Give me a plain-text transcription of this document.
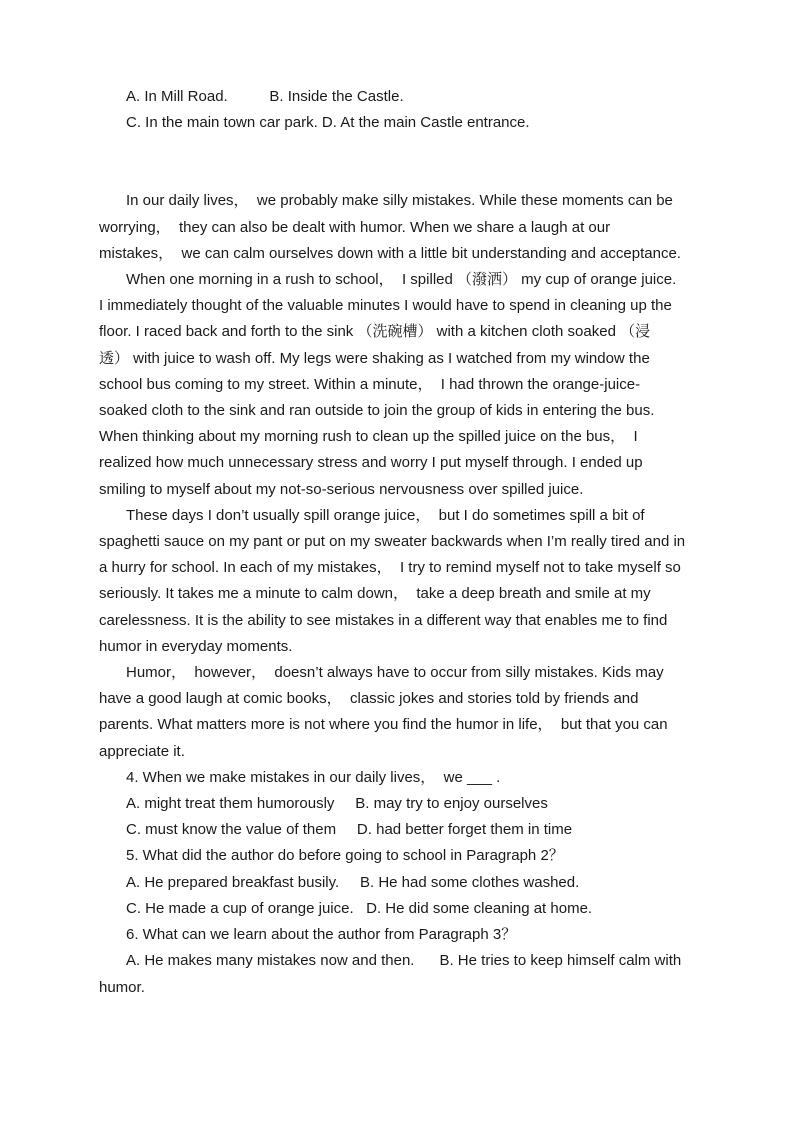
A. In Mill Road.          B. Inside the Castle.
C. In the main town car park. D. At the main Castle entrance.
In our daily lives，  we probably make silly mistakes. While these moments can be
worrying，  they can also be dealt with humor. When we share a laugh at our
mistakes，  we can calm ourselves down with a little bit understanding and acceptance.
When one morning in a rush to school，  I spilled （潑洒） my cup of orange juice.
I immediately thought of the valuable minutes I would have to spend in cleaning up the
floor. I raced back and forth to the sink （洗碗槽） with a kitchen cloth soaked （浸
透） with juice to wash off. My legs were shaking as I watched from my window the
school bus coming to my street. Within a minute，  I had thrown the orange-juice-
soaked cloth to the sink and ran outside to join the group of kids in entering the bus.
When thinking about my morning rush to clean up the spilled juice on the bus，  I
realized how much unnecessary stress and worry I put myself through. I ended up
smiling to myself about my not-so-serious nervousness over spilled juice.
These days I don’t usually spill orange juice，  but I do sometimes spill a bit of
spaghetti sauce on my pant or put on my sweater backwards when I’m really tired and in
a hurry for school. In each of my mistakes，  I try to remind myself not to take myself so
seriously. It takes me a minute to calm down，  take a deep breath and smile at my
carelessness. It is the ability to see mistakes in a different way that enables me to find
humor in everyday moments.
Humor，  however，  doesn’t always have to occur from silly mistakes. Kids may
have a good laugh at comic books，  classic jokes and stories told by friends and
parents. What matters more is not where you find the humor in life，  but that you can
appreciate it.
4. When we make mistakes in our daily lives，  we ___ .
A. might treat them humorously     B. may try to enjoy ourselves
C. must know the value of them     D. had better forget them in time
5. What did the author do before going to school in Paragraph 2？
A. He prepared breakfast busily.     B. He had some clothes washed.
C. He made a cup of orange juice.   D. He did some cleaning at home.
6. What can we learn about the author from Paragraph 3？
A. He makes many mistakes now and then.      B. He tries to keep himself calm with
humor.
